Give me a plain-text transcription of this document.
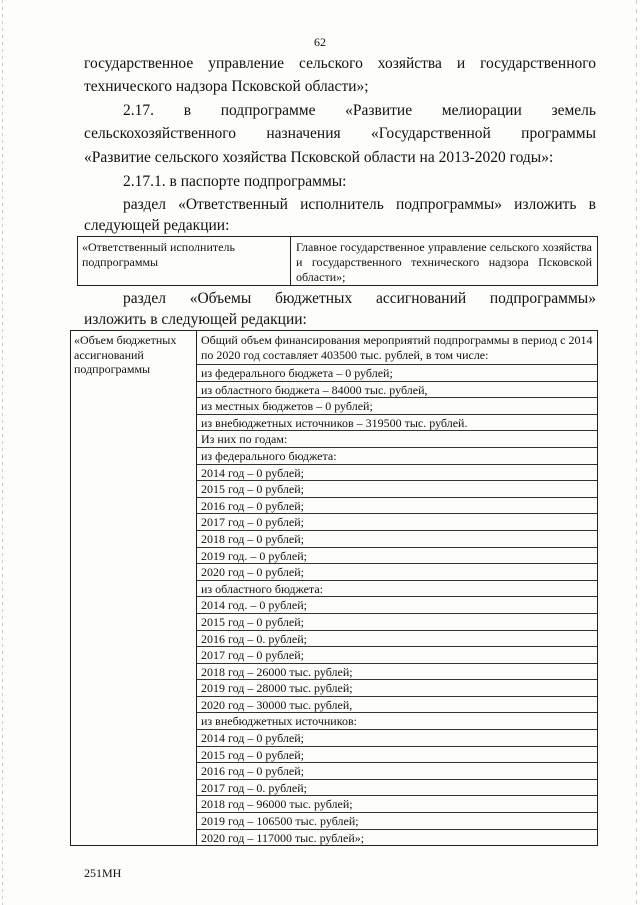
62
государственное управление сельского хозяйства и государственного
технического надзора Псковской области»;
2.17. в подпрограмме «Развитие мелиорации земель
сельскохозяйственного назначения «Государственной программы
«Развитие сельского хозяйства Псковской области на 2013-2020 годы»:
2.17.1. в паспорте подпрограммы:
раздел «Ответственный исполнитель подпрограммы» изложить в
следующей редакции:
«Ответственный исполнитель подпрограммы
Главное государственное управление сельского хозяйства и государственного технического надзора Псковской области»;
раздел «Объемы бюджетных ассигнований подпрограммы»
изложить в следующей редакции:
«Объем бюджетных ассигнований подпрограммы
Общий объем финансирования мероприятий подпрограммы в период с 2014 по 2020 год составляет 403500 тыс. рублей, в том числе:
из федерального бюджета – 0 рублей;
из областного бюджета – 84000 тыс. рублей,
из местных бюджетов – 0 рублей;
из внебюджетных источников – 319500 тыс. рублей.
Из них по годам:
из федерального бюджета:
2014 год – 0 рублей;
2015 год – 0 рублей;
2016 год – 0 рублей;
2017 год – 0 рублей;
2018 год – 0 рублей;
2019 год. – 0 рублей;
2020 год – 0 рублей;
из областного бюджета:
2014 год. – 0 рублей;
2015 год – 0 рублей;
2016 год – 0. рублей;
2017 год – 0 рублей;
2018 год – 26000 тыс. рублей;
2019 год – 28000 тыс. рублей;
2020 год – 30000 тыс. рублей,
из внебюджетных источников:
2014 год – 0 рублей;
2015 год – 0 рублей;
2016 год – 0 рублей;
2017 год – 0. рублей;
2018 год – 96000 тыс. рублей;
2019 год – 106500 тыс. рублей;
2020 год – 117000 тыс. рублей»;
251МН
